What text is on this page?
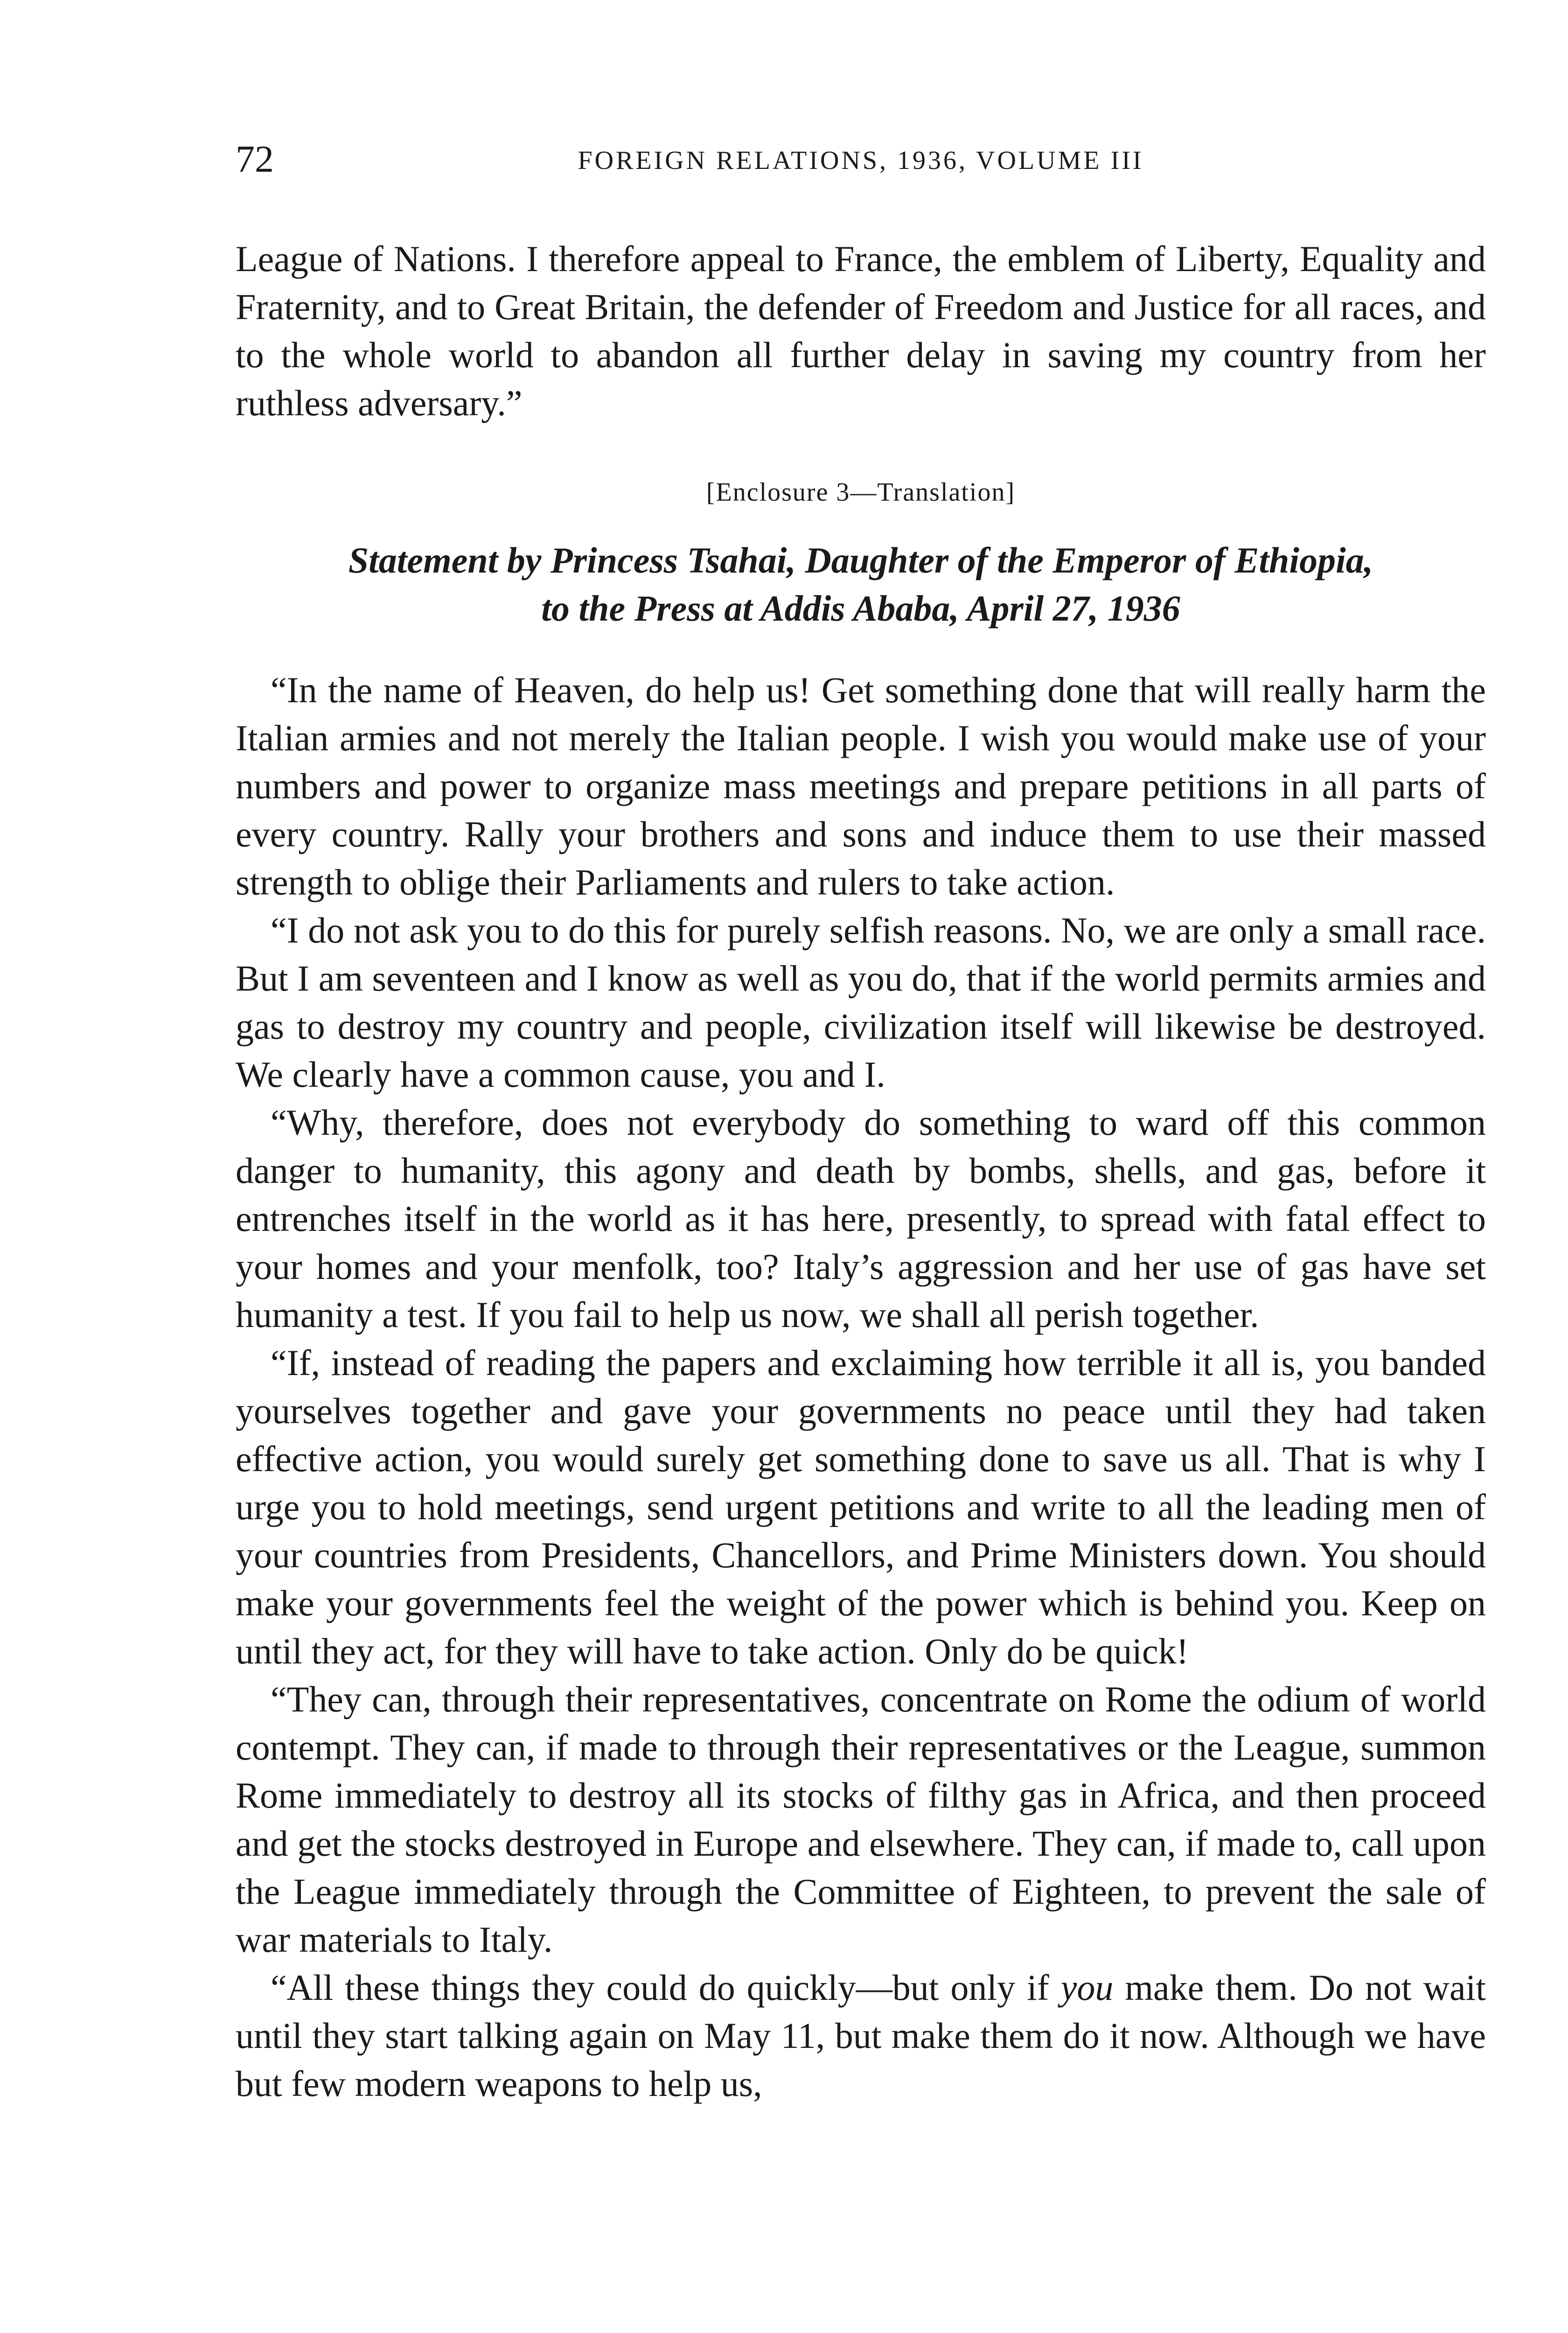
72	FOREIGN RELATIONS, 1936, VOLUME III

League of Nations. I therefore appeal to France, the emblem of Liberty, Equality and Fraternity, and to Great Britain, the defender of Freedom and Justice for all races, and to the whole world to abandon all further delay in saving my country from her ruthless adversary.”

[Enclosure 3—Translation]

Statement by Princess Tsahai, Daughter of the Emperor of Ethiopia,
to the Press at Addis Ababa, April 27, 1936

“In the name of Heaven, do help us! Get something done that will really harm the Italian armies and not merely the Italian people. I wish you would make use of your numbers and power to organize mass meetings and prepare petitions in all parts of every country. Rally your brothers and sons and induce them to use their massed strength to oblige their Parliaments and rulers to take action.

“I do not ask you to do this for purely selfish reasons. No, we are only a small race. But I am seventeen and I know as well as you do, that if the world permits armies and gas to destroy my country and people, civilization itself will likewise be destroyed. We clearly have a common cause, you and I.

“Why, therefore, does not everybody do something to ward off this common danger to humanity, this agony and death by bombs, shells, and gas, before it entrenches itself in the world as it has here, presently, to spread with fatal effect to your homes and your menfolk, too? Italy’s aggression and her use of gas have set humanity a test. If you fail to help us now, we shall all perish together.

“If, instead of reading the papers and exclaiming how terrible it all is, you banded yourselves together and gave your governments no peace until they had taken effective action, you would surely get something done to save us all. That is why I urge you to hold meetings, send urgent petitions and write to all the leading men of your countries from Presidents, Chancellors, and Prime Ministers down. You should make your governments feel the weight of the power which is behind you. Keep on until they act, for they will have to take action. Only do be quick!

“They can, through their representatives, concentrate on Rome the odium of world contempt. They can, if made to through their representatives or the League, summon Rome immediately to destroy all its stocks of filthy gas in Africa, and then proceed and get the stocks destroyed in Europe and elsewhere. They can, if made to, call upon the League immediately through the Committee of Eighteen, to prevent the sale of war materials to Italy.

“All these things they could do quickly—but only if you make them. Do not wait until they start talking again on May 11, but make them do it now. Although we have but few modern weapons to help us,
